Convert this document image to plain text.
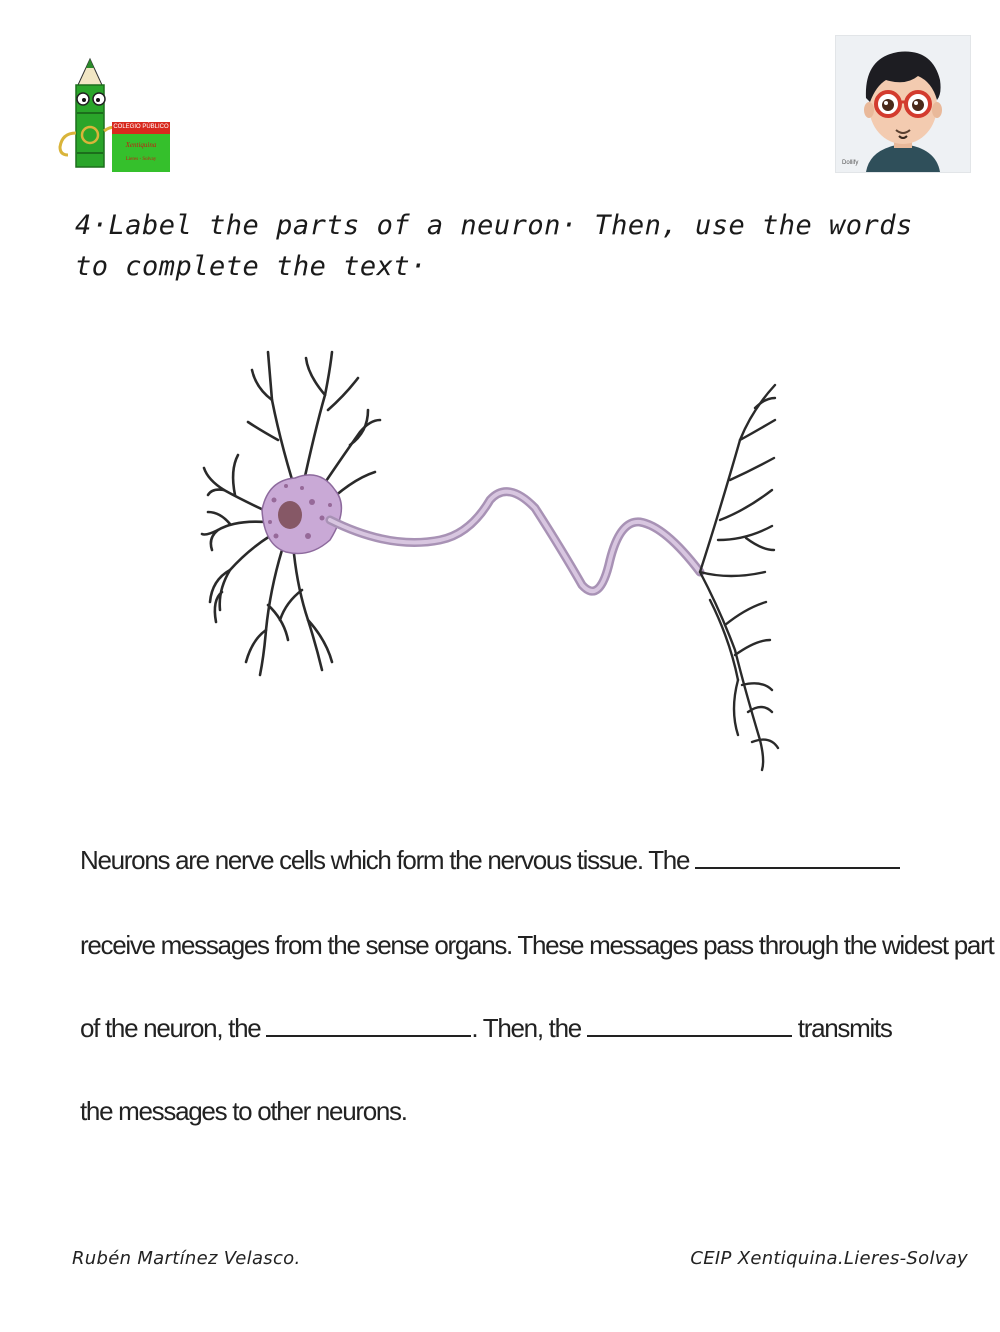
COLEGIO PÚBLICO
Xentiquina
Lieres - Solvay
Dollify
4·Label the parts of a neuron· Then, use the words
to complete the text·
Neurons are nerve cells which form the nervous tissue. The
receive messages from the sense organs. These messages pass through the widest part
of the neuron, the	. Then, the	transmits
the messages to other neurons.
Rubén Martínez Velasco.	CEIP Xentiquina.Lieres-Solvay
